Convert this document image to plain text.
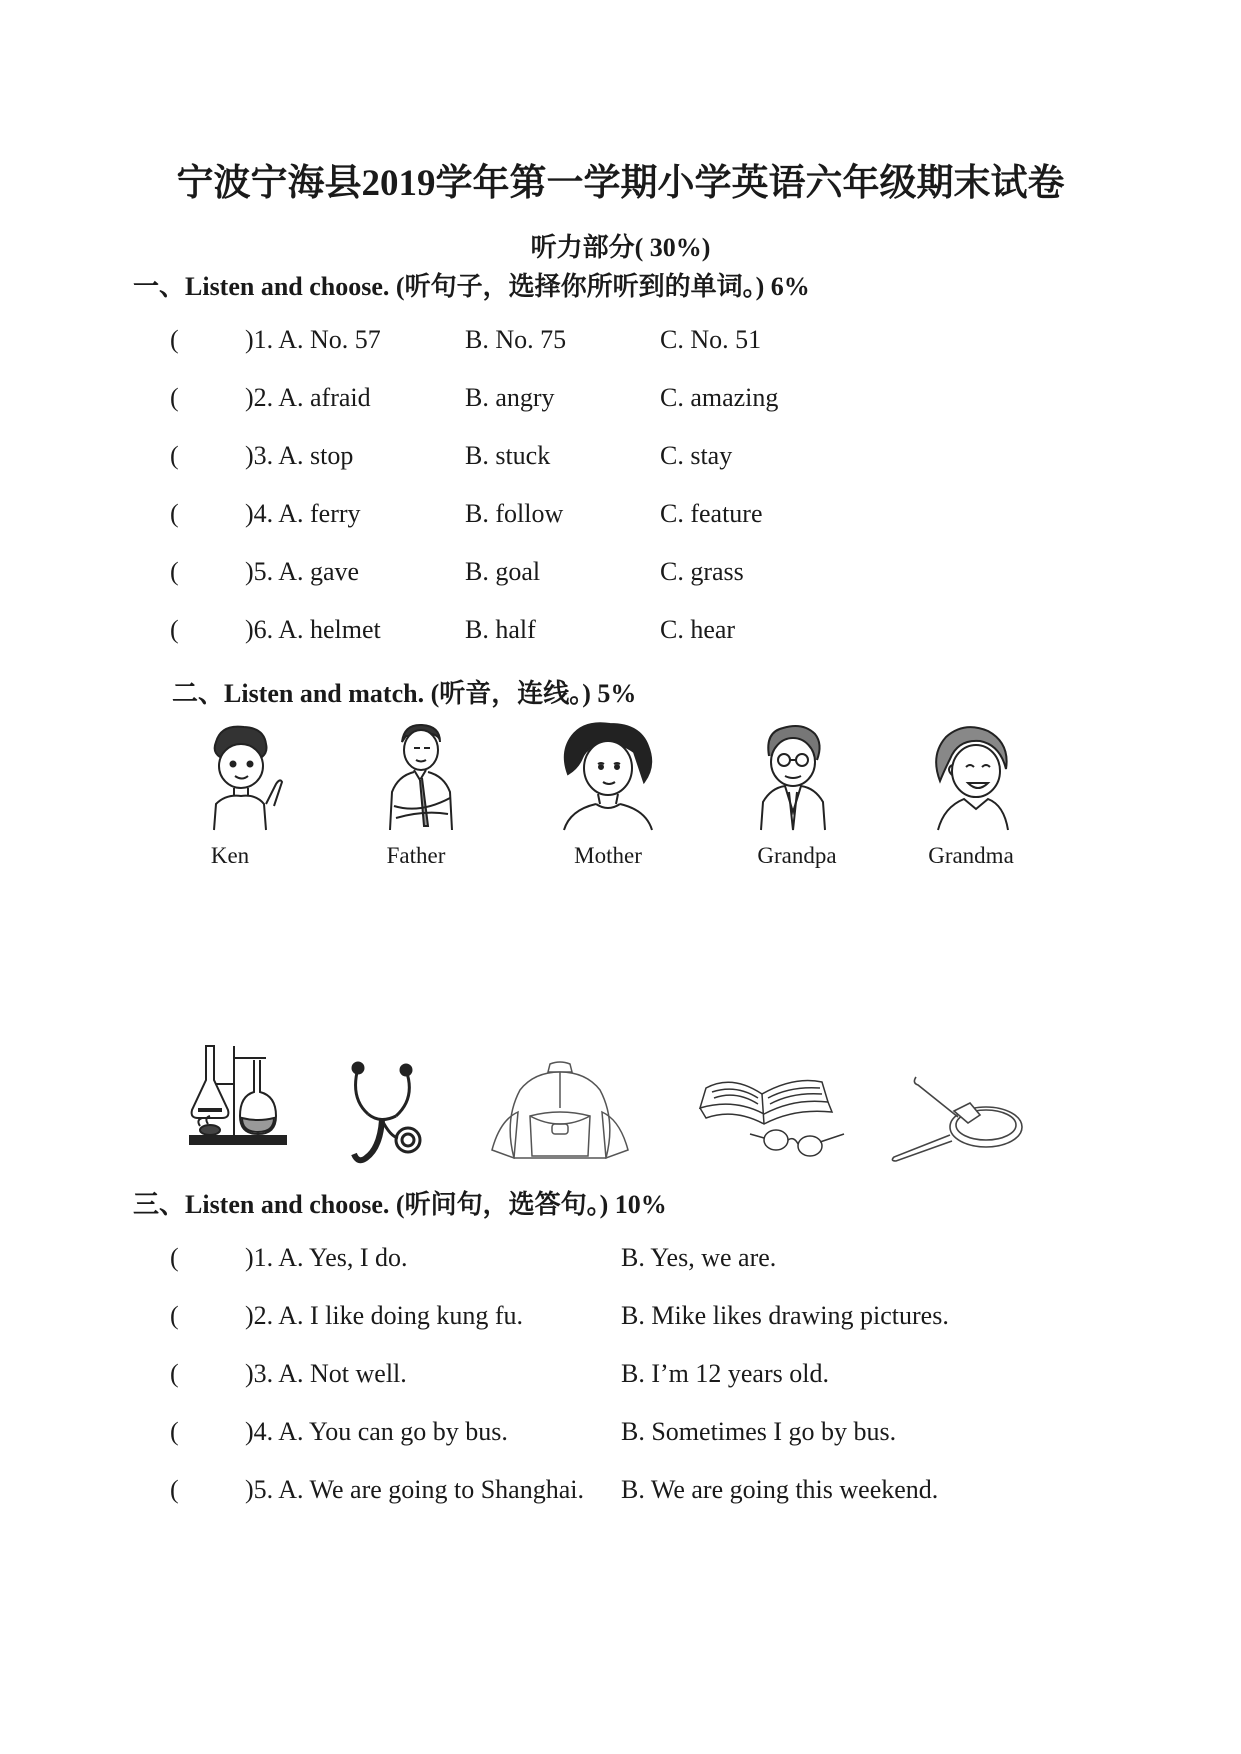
宁波宁海县2019学年第一学期小学英语六年级期末试卷
听力部分( 30%)
一、Listen and choose. (听句子，选择你所听到的单词。) 6%
(	)1. A. No. 57	B. No. 75	C. No. 51
(	)2. A. afraid	B. angry	C. amazing
(	)3. A. stop	B. stuck	C. stay
(	)4. A. ferry	B. follow	C. feature
(	)5. A. gave	B. goal	C. grass
(	)6. A. helmet	B. half	C. hear
二、Listen and match. (听音，连线。) 5%
Ken	Father	Mother	Grandpa	Grandma
三、Listen and choose. (听问句，选答句。) 10%
(	)1. A. Yes, I do.	B. Yes, we are.
(	)2. A. I like doing kung fu.	B. Mike likes drawing pictures.
(	)3. A. Not well.	B. I’m 12 years old.
(	)4. A. You can go by bus.	B. Sometimes I go by bus.
(	)5. A. We are going to Shanghai. B. We are going this weekend.
